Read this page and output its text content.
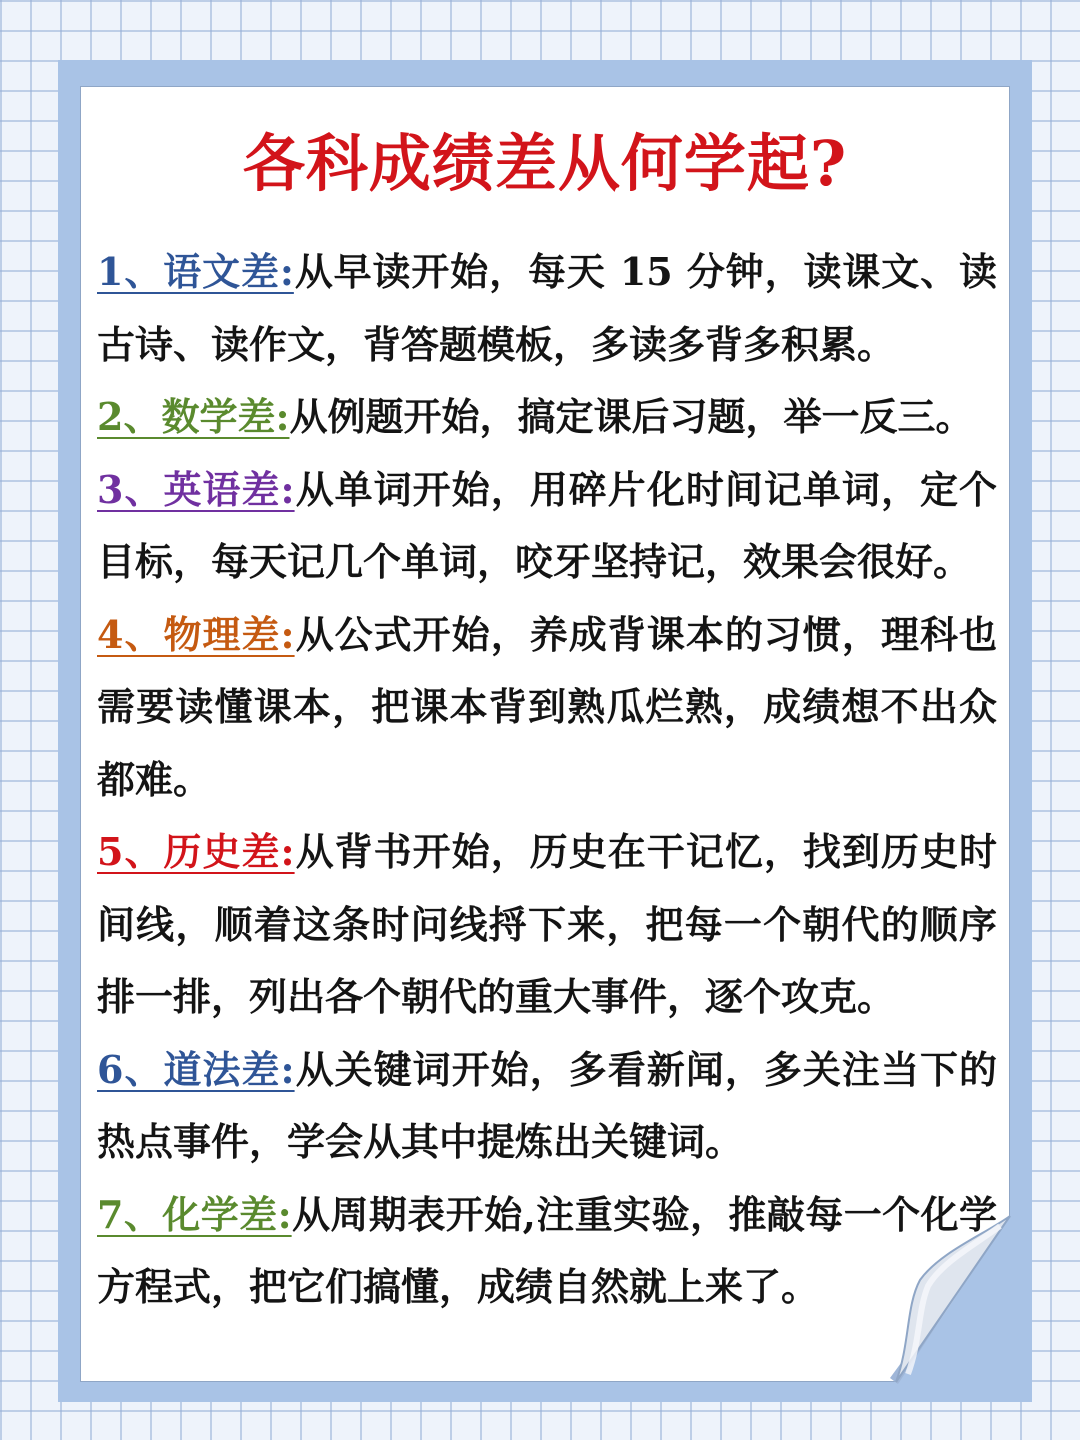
各科成绩差从何学起?
1、语文差:从早读开始，每天 15 分钟，读课文、读古诗、读作文，背答题模板，多读多背多积累。
2、数学差:从例题开始，搞定课后习题，举一反三。
3、英语差:从单词开始，用碎片化时间记单词，定个目标，每天记几个单词，咬牙坚持记，效果会很好。
4、物理差:从公式开始，养成背课本的习惯，理科也需要读懂课本，把课本背到熟瓜烂熟，成绩想不出众都难。
5、历史差:从背书开始，历史在干记忆，找到历史时间线，顺着这条时问线捋下来，把每一个朝代的顺序排一排，列出各个朝代的重大事件，逐个攻克。
6、道法差:从关键词开始，多看新闻，多关注当下的热点事件，学会从其中提炼出关键词。
7、化学差:从周期表开始,注重实验，推敲每一个化学方程式，把它们搞懂，成绩自然就上来了。
